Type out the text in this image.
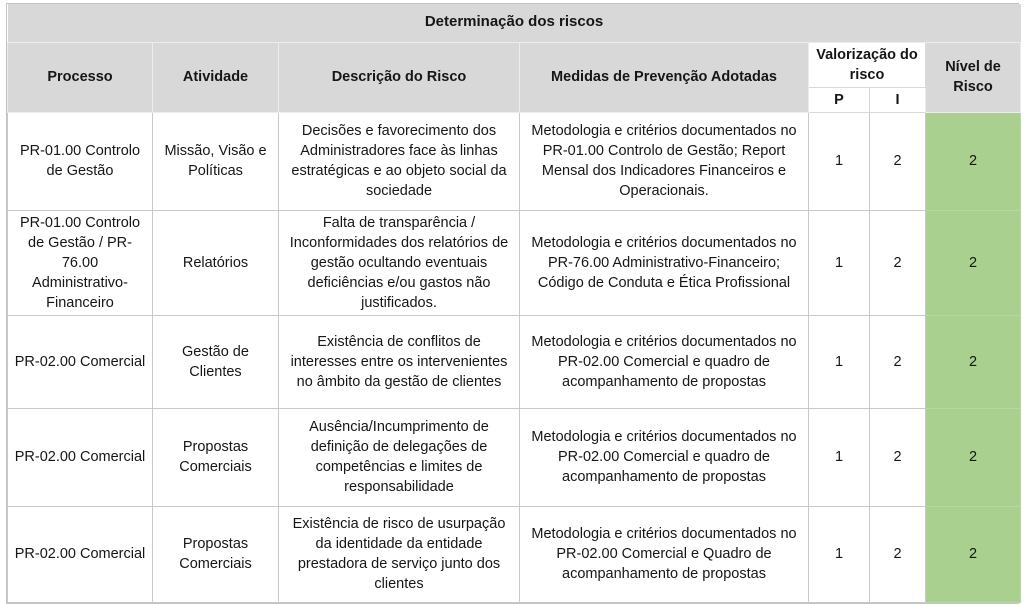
Determinação dos riscos						
Processo	Atividade	Descrição do Risco	Medidas de Prevenção Adotadas	Valorização do risco		Nível de Risco
				P	I	
PR-01.00 Controlo de Gestão	Missão, Visão e Políticas	Decisões e favorecimento dos Administradores face às linhas estratégicas e ao objeto social da sociedade	Metodologia e critérios documentados no PR-01.00 Controlo de Gestão; Report Mensal dos Indicadores Financeiros e Operacionais.	1	2	2
PR-01.00 Controlo de Gestão / PR-76.00 Administrativo-Financeiro	Relatórios	Falta de transparência / Inconformidades dos relatórios de gestão ocultando eventuais deficiências e/ou gastos não justificados.	Metodologia e critérios documentados no PR-76.00 Administrativo-Financeiro; Código de Conduta e Ética Profissional	1	2	2
PR-02.00 Comercial	Gestão de Clientes	Existência de conflitos de interesses entre os intervenientes no âmbito da gestão de clientes	Metodologia e critérios documentados no PR-02.00 Comercial e quadro de acompanhamento de propostas	1	2	2
PR-02.00 Comercial	Propostas Comerciais	Ausência/Incumprimento de definição de delegações de competências e limites de responsabilidade	Metodologia e critérios documentados no PR-02.00 Comercial e quadro de acompanhamento de propostas	1	2	2
PR-02.00 Comercial	Propostas Comerciais	Existência de risco de usurpação da identidade da entidade prestadora de serviço junto dos clientes	Metodologia e critérios documentados no PR-02.00 Comercial e Quadro de acompanhamento de propostas	1	2	2
